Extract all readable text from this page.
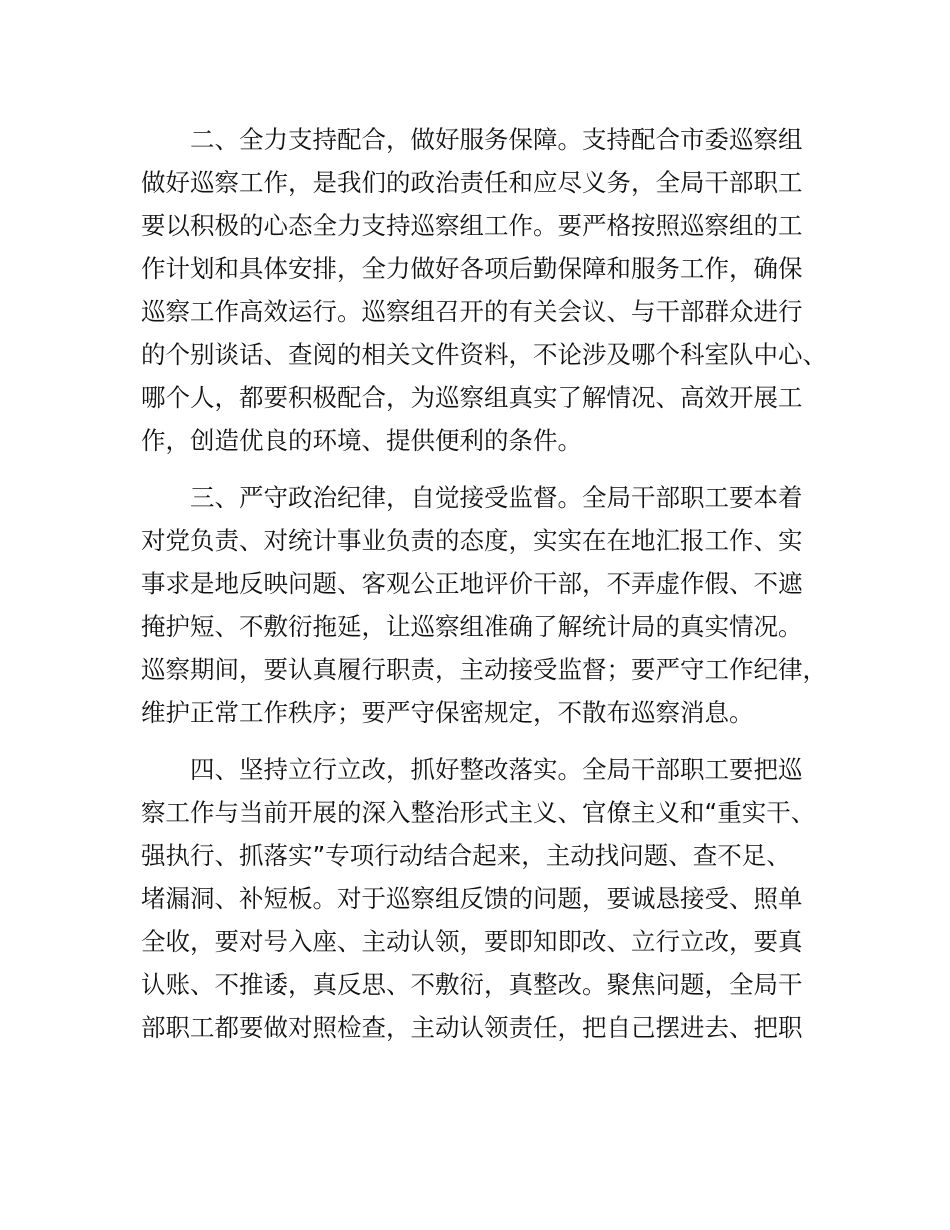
二、全力支持配合，做好服务保障。支持配合市委巡察组
做好巡察工作，是我们的政治责任和应尽义务，全局干部职工
要以积极的心态全力支持巡察组工作。要严格按照巡察组的工
作计划和具体安排，全力做好各项后勤保障和服务工作，确保
巡察工作高效运行。巡察组召开的有关会议、与干部群众进行
的个别谈话、查阅的相关文件资料，不论涉及哪个科室队中心、
哪个人，都要积极配合，为巡察组真实了解情况、高效开展工
作，创造优良的环境、提供便利的条件。
三、严守政治纪律，自觉接受监督。全局干部职工要本着
对党负责、对统计事业负责的态度，实实在在地汇报工作、实
事求是地反映问题、客观公正地评价干部，不弄虚作假、不遮
掩护短、不敷衍拖延，让巡察组准确了解统计局的真实情况。
巡察期间，要认真履行职责，主动接受监督；要严守工作纪律，
维护正常工作秩序；要严守保密规定，不散布巡察消息。
四、坚持立行立改，抓好整改落实。全局干部职工要把巡
察工作与当前开展的深入整治形式主义、官僚主义和“重实干、
强执行、抓落实”专项行动结合起来，主动找问题、查不足、
堵漏洞、补短板。对于巡察组反馈的问题，要诚恳接受、照单
全收，要对号入座、主动认领，要即知即改、立行立改，要真
认账、不推诿，真反思、不敷衍，真整改。聚焦问题，全局干
部职工都要做对照检查，主动认领责任，把自己摆进去、把职
